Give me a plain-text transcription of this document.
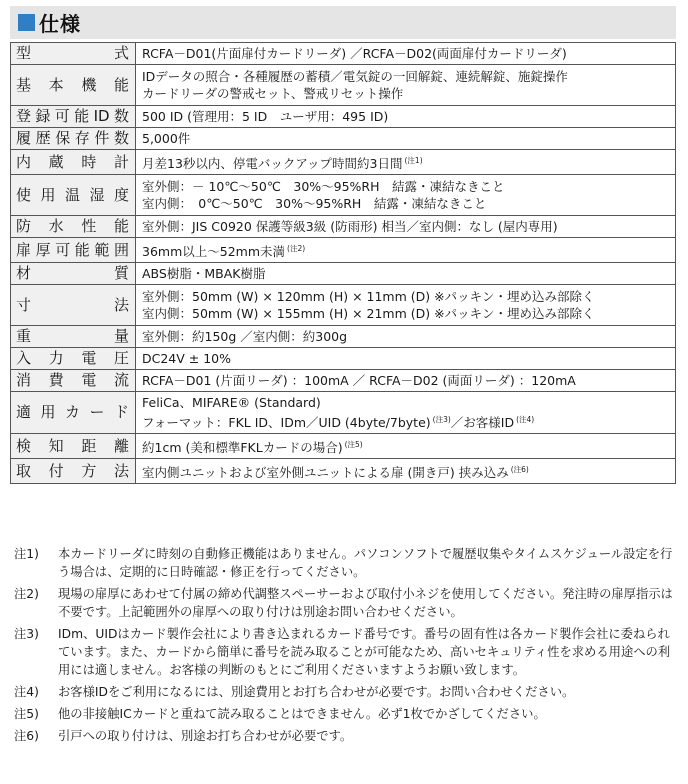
仕様
型　　　式	RCFA－D01(片面扉付カードリーダ) ／RCFA－D02(両面扉付カードリーダ)

基本機能	IDデータの照合・各種履歴の蓄積／電気錠の一回解錠、連続解錠、施錠操作
カードリーダの警戒セット、警戒リセット操作

登録可能ID数	500 ID (管理用：5 ID　ユーザ用：495 ID)

履歴保存件数	5,000件

内蔵時計	月差13秒以内、停電バックアップ時間約3日間 $^{(注1)}$

使用温湿度	室外側：－ 10℃～50℃　30%～95%RH　結露・凍結なきこと
室内側：　0℃～50℃　30%～95%RH　結露・凍結なきこと

防水性能	室外側：JIS C0920 保護等級3級 (防雨形) 相当／室内側：なし (屋内専用)

扉厚可能範囲	36mm以上～52mm未満 $^{(注2)}$

材　　　質	ABS樹脂・MBAK樹脂

寸　　　法	室外側：50mm (W) × 120mm (H) × 11mm (D) ※パッキン・埋め込み部除く
室内側：50mm (W) × 155mm (H) × 21mm (D) ※パッキン・埋め込み部除く

重　　　量	室外側：約150g ／室内側：約300g

入力電圧	DC24V ± 10%

消費電流	RCFA－D01 (片面リーダ) ：100mA ／ RCFA－D02 (両面リーダ) ：120mA

適用カード	FeliCa、MIFARE® (Standard)
フォーマット：FKL ID、IDm／UID (4byte/7byte) $^{(注3)}$／お客様ID $^{(注4)}$

検知距離	約1cm (美和標準FKLカードの場合) $^{(注5)}$

取付方法	室内側ユニットおよび室外側ユニットによる扉 (開き戸) 挟み込み $^{(注6)}$
注1)	本カードリーダに時刻の自動修正機能はありません。パソコンソフトで履歴収集やタイムスケジュール設定を行う場合は、定期的に日時確認・修正を行ってください。
注2)	現場の扉厚にあわせて付属の締め代調整スペーサーおよび取付小ネジを使用してください。発注時の扉厚指示は不要です。上記範囲外の扉厚への取り付けは別途お問い合わせください。
注3)	IDm、UIDはカード製作会社により書き込まれるカード番号です。番号の固有性は各カード製作会社に委ねられています。また、カードから簡単に番号を読み取ることが可能なため、高いセキュリティ性を求める用途への利用には適しません。お客様の判断のもとにご利用くださいますようお願い致します。
注4)	お客様IDをご利用になるには、別途費用とお打ち合わせが必要です。お問い合わせください。
注5)	他の非接触ICカードと重ねて読み取ることはできません。必ず1枚でかざしてください。
注6)	引戸への取り付けは、別途お打ち合わせが必要です。
